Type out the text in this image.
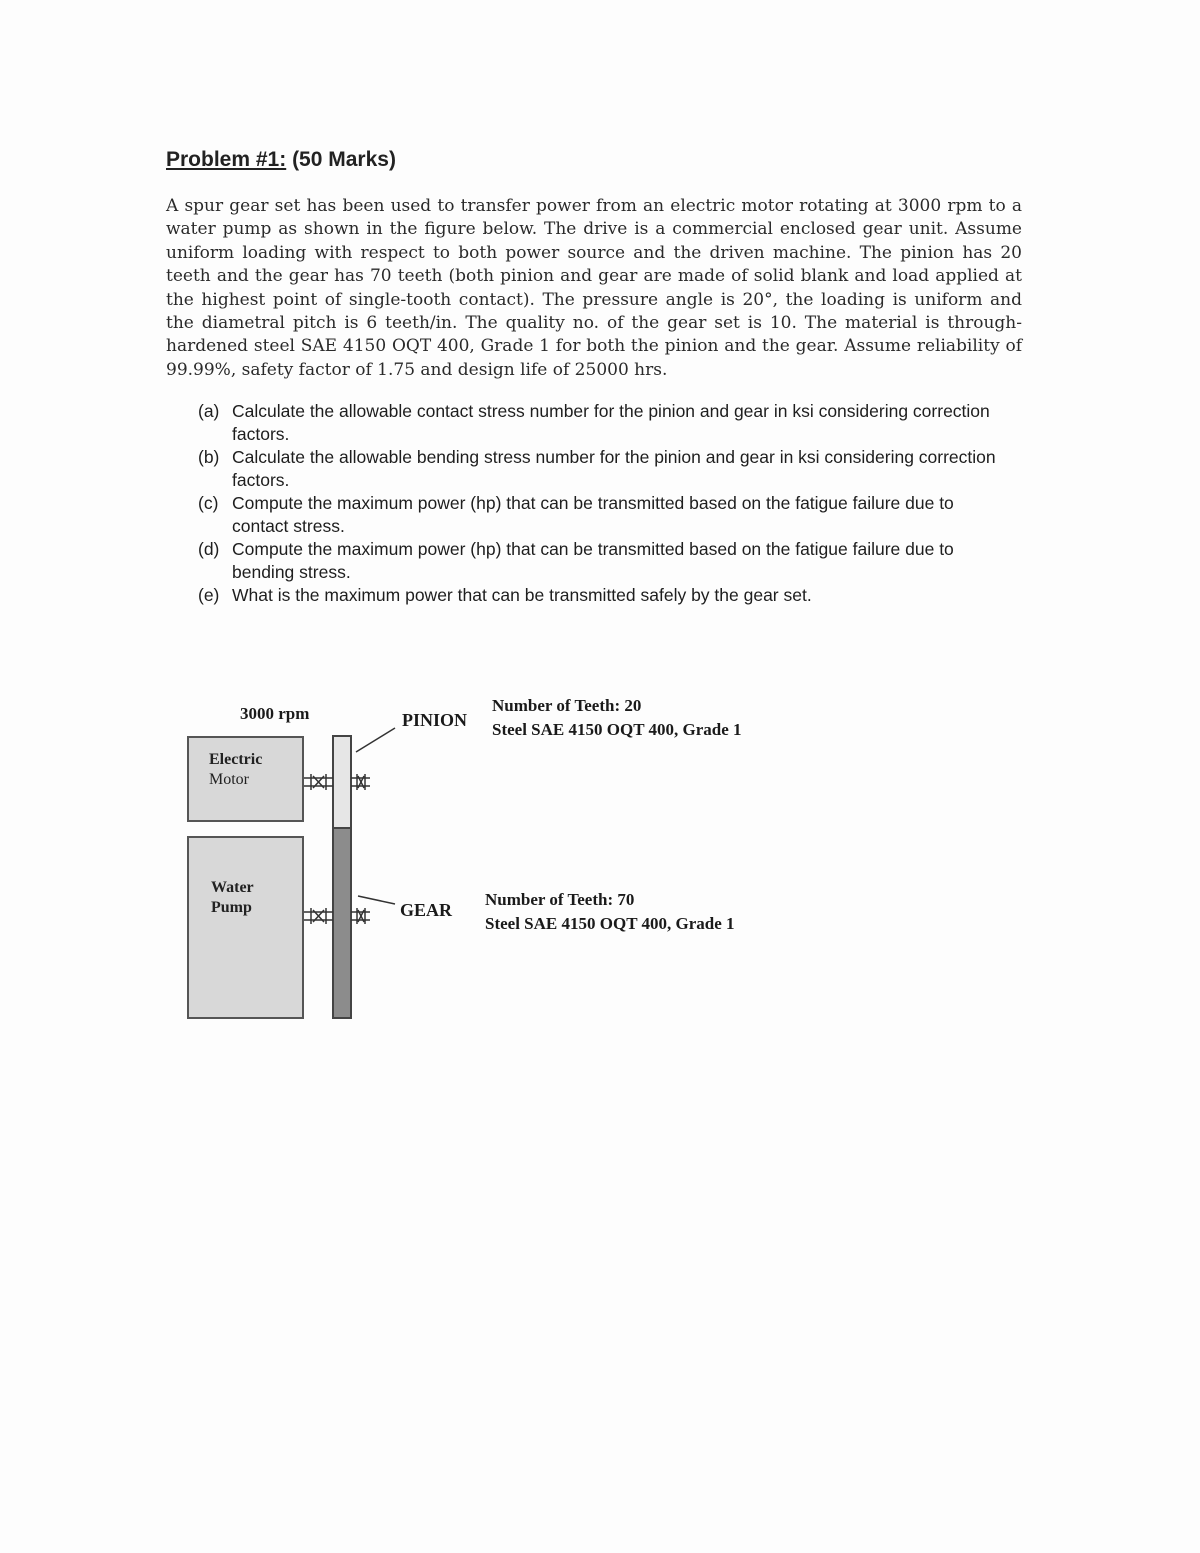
Problem #1: (50 Marks)
A spur gear set has been used to transfer power from an electric motor rotating at 3000 rpm to a water pump as shown in the figure below. The drive is a commercial enclosed gear unit. Assume uniform loading with respect to both power source and the driven machine. The pinion has 20 teeth and the gear has 70 teeth (both pinion and gear are made of solid blank and load applied at the highest point of single-tooth contact). The pressure angle is 20°, the loading is uniform and the diametral pitch is 6 teeth/in. The quality no. of the gear set is 10. The material is through-hardened steel SAE 4150 OQT 400, Grade 1 for both the pinion and the gear. Assume reliability of 99.99%, safety factor of 1.75 and design life of 25000 hrs.
(a) Calculate the allowable contact stress number for the pinion and gear in ksi considering correction factors.
(b) Calculate the allowable bending stress number for the pinion and gear in ksi considering correction factors.
(c) Compute the maximum power (hp) that can be transmitted based on the fatigue failure due to contact stress.
(d) Compute the maximum power (hp) that can be transmitted based on the fatigue failure due to bending stress.
(e) What is the maximum power that can be transmitted safely by the gear set.
3000 rpm
Electric
Motor
Water
Pump
PINION
Number of Teeth: 20
Steel SAE 4150 OQT 400, Grade 1
GEAR
Number of Teeth: 70
Steel SAE 4150 OQT 400, Grade 1
